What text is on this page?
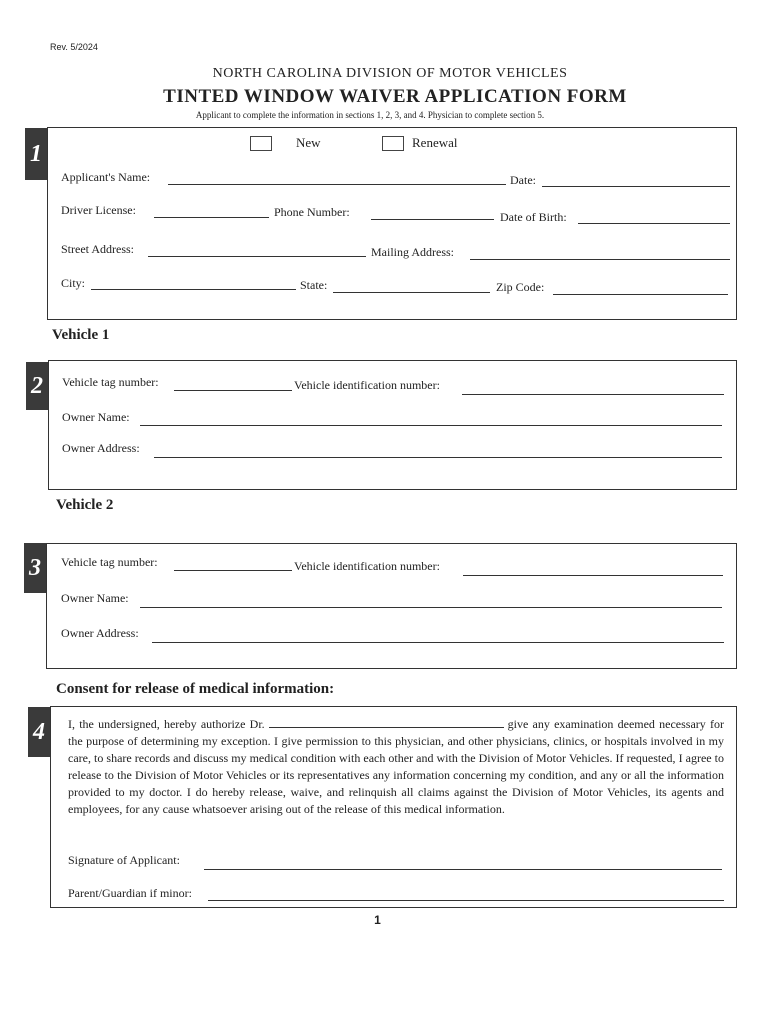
Rev. 5/2024
NORTH CAROLINA DIVISION OF MOTOR VEHICLES
TINTED WINDOW WAIVER APPLICATION FORM
Applicant to complete the information in sections 1, 2, 3, and 4. Physician to complete section 5.
1	New	Renewal
Applicant's Name:	Date:
Driver License:	Phone Number:	Date of Birth:
Street Address:	Mailing Address:
City:	State:	Zip Code:
Vehicle 1
2	Vehicle tag number:	Vehicle identification number:
Owner Name:
Owner Address:
Vehicle 2
3	Vehicle tag number:	Vehicle identification number:
Owner Name:
Owner Address:
Consent for release of medical information:
4	I, the undersigned, hereby authorize Dr.	give any examination deemed necessary for the purpose of determining my exception. I give permission to this physician, and other physicians, clinics, or hospitals involved in my care, to share records and discuss my medical condition with each other and with the Division of Motor Vehicles. If requested, I agree to release to the Division of Motor Vehicles or its representatives any information concerning my condition, and any or all the information provided to my doctor. I do hereby release, waive, and relinquish all claims against the Division of Motor Vehicles, its agents and employees, for any cause whatsoever arising out of the release of this medical information.
Signature of Applicant:
Parent/Guardian if minor:
1
